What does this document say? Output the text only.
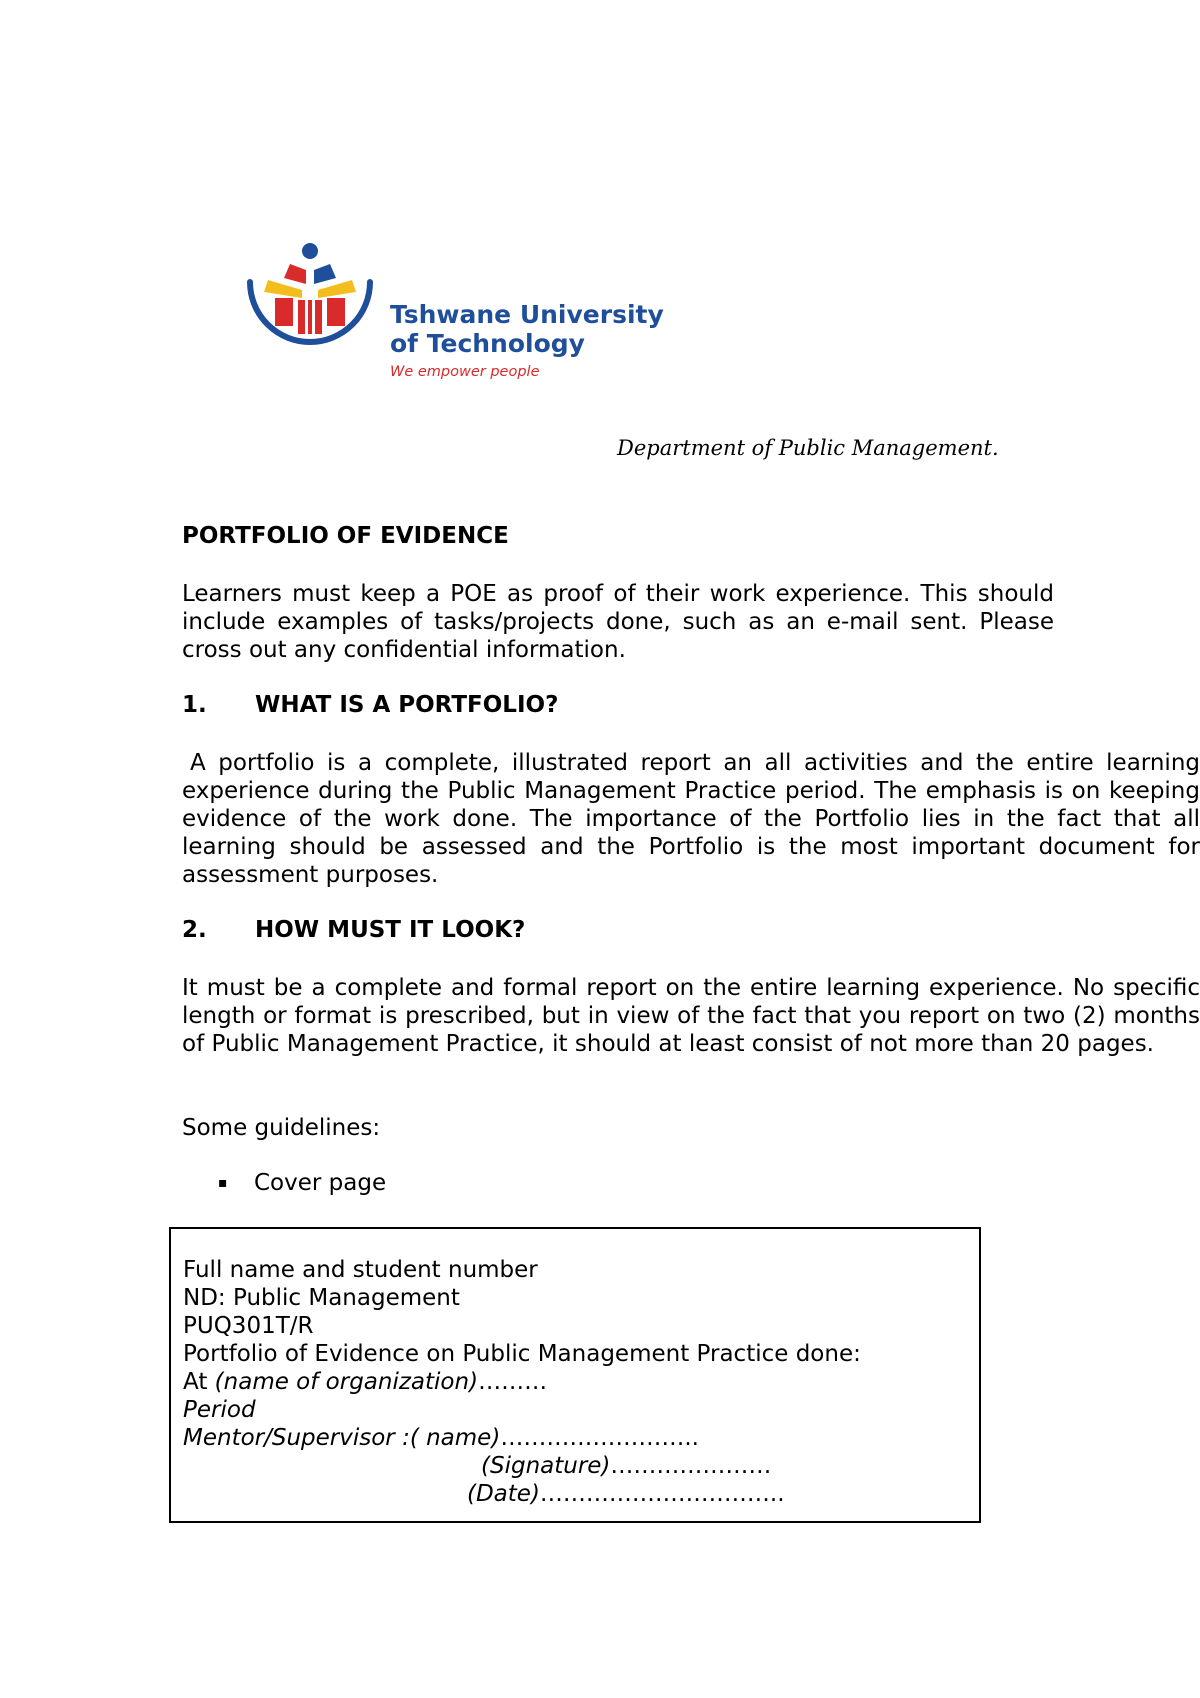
Tshwane University
of Technology
We empower people
Department of Public Management.
PORTFOLIO OF EVIDENCE

Learners must keep a POE as proof of their work experience. This should include examples of tasks/projects done, such as an e-mail sent. Please cross out any confidential information.

1. WHAT IS A PORTFOLIO?

A portfolio is a complete, illustrated report an all activities and the entire learning experience during the Public Management Practice period. The emphasis is on keeping evidence of the work done. The importance of the Portfolio lies in the fact that all learning should be assessed and the Portfolio is the most important document for assessment purposes.

2. HOW MUST IT LOOK?

It must be a complete and formal report on the entire learning experience. No specific length or format is prescribed, but in view of the fact that you report on two (2) months of Public Management Practice, it should at least consist of not more than 20 pages.

Some guidelines:
▪ Cover page
Full name and student number
ND: Public Management
PUQ301T/R
Portfolio of Evidence on Public Management Practice done:
At (name of organization)………
Period
Mentor/Supervisor :( name)……………………..
(Signature)…………………
(Date)…………………………..
